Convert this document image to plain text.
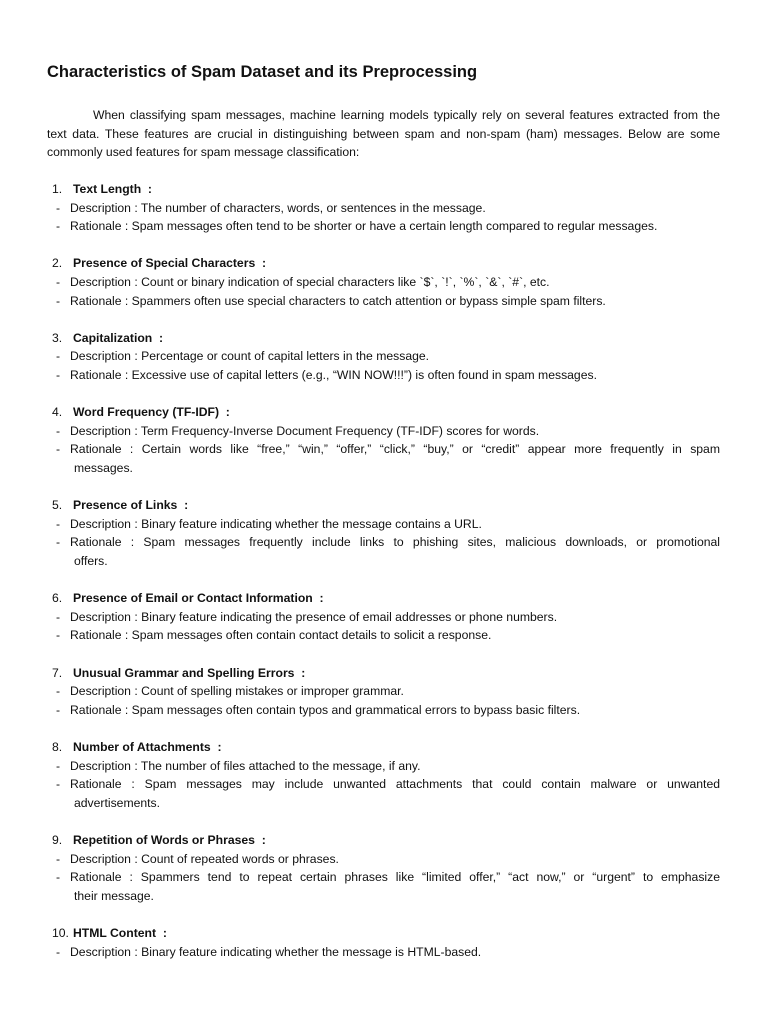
Characteristics of Spam Dataset and its Preprocessing

When classifying spam messages, machine learning models typically rely on several features extracted from the text data. These features are crucial in distinguishing between spam and non-spam (ham) messages. Below are some commonly used features for spam message classification:

1. Text Length  :
- Description : The number of characters, words, or sentences in the message.
- Rationale : Spam messages often tend to be shorter or have a certain length compared to regular messages.
2. Presence of Special Characters  :
- Description : Count or binary indication of special characters like `$`, `!`, `%`, `&`, `#`, etc.
- Rationale : Spammers often use special characters to catch attention or bypass simple spam filters.
3. Capitalization  :
- Description : Percentage or count of capital letters in the message.
- Rationale : Excessive use of capital letters (e.g., “WIN NOW!!!”) is often found in spam messages.
4. Word Frequency (TF-IDF)  :
- Description : Term Frequency-Inverse Document Frequency (TF-IDF) scores for words.
- Rationale : Certain words like “free,” “win,” “offer,” “click,” “buy,” or “credit” appear more frequently in spam
messages.
5. Presence of Links  :
- Description : Binary feature indicating whether the message contains a URL.
- Rationale : Spam messages frequently include links to phishing sites, malicious downloads, or promotional
offers.
6. Presence of Email or Contact Information  :
- Description : Binary feature indicating the presence of email addresses or phone numbers.
- Rationale : Spam messages often contain contact details to solicit a response.
7. Unusual Grammar and Spelling Errors  :
- Description : Count of spelling mistakes or improper grammar.
- Rationale : Spam messages often contain typos and grammatical errors to bypass basic filters.
8. Number of Attachments  :
- Description : The number of files attached to the message, if any.
- Rationale : Spam messages may include unwanted attachments that could contain malware or unwanted
advertisements.
9. Repetition of Words or Phrases  :
- Description : Count of repeated words or phrases.
- Rationale : Spammers tend to repeat certain phrases like “limited offer,” “act now,” or “urgent” to emphasize
their message.
10. HTML Content  :
- Description : Binary feature indicating whether the message is HTML-based.
